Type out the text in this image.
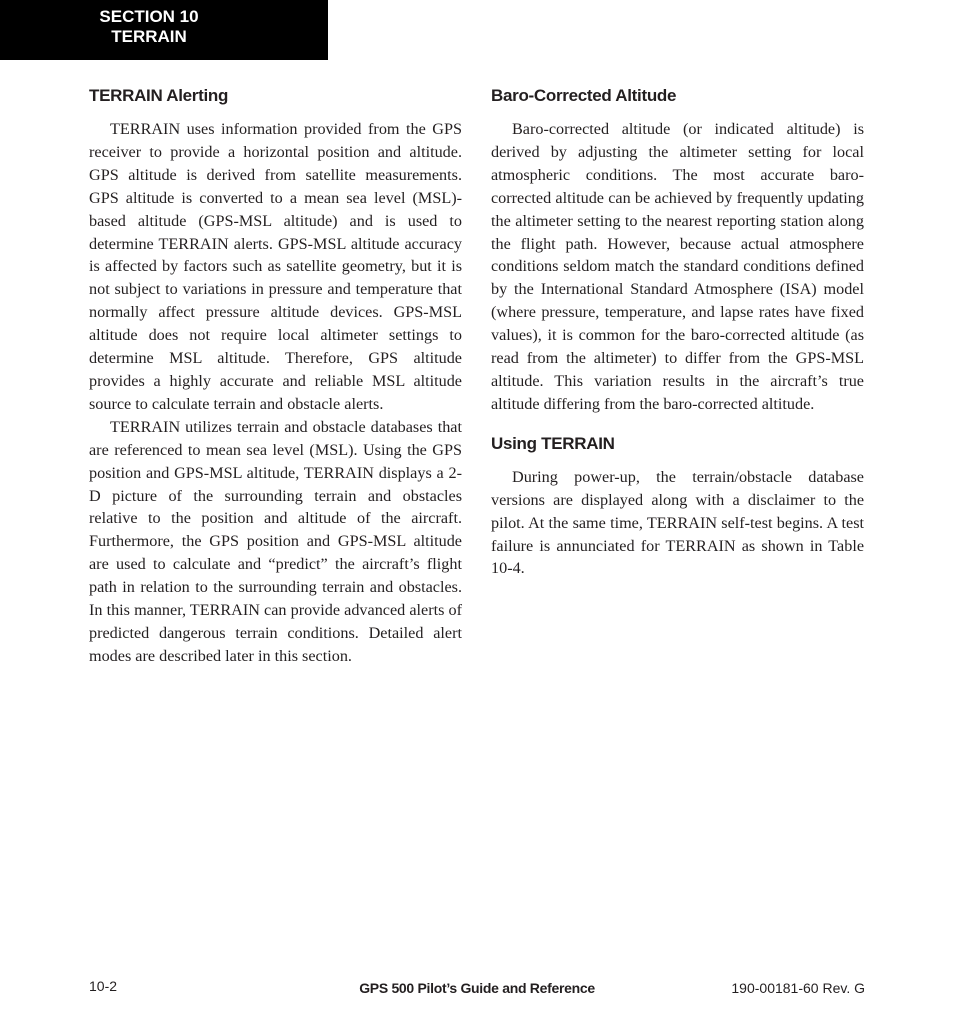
SECTION 10
TERRAIN
TERRAIN Alerting

TERRAIN uses information provided from the GPS receiver to provide a horizontal position and altitude. GPS altitude is derived from satellite measurements. GPS altitude is converted to a mean sea level (MSL)-based altitude (GPS-MSL altitude) and is used to determine TERRAIN alerts. GPS-MSL altitude accuracy is affected by factors such as satellite geometry, but it is not subject to variations in pressure and temperature that normally affect pressure altitude devices. GPS-MSL altitude does not require local altimeter settings to determine MSL altitude. Therefore, GPS altitude provides a highly accurate and reliable MSL altitude source to calculate terrain and obstacle alerts.

TERRAIN utilizes terrain and obstacle databases that are referenced to mean sea level (MSL). Using the GPS position and GPS-MSL altitude, TERRAIN displays a 2-D picture of the surrounding terrain and obstacles relative to the position and altitude of the aircraft. Furthermore, the GPS position and GPS-MSL altitude are used to calculate and “predict” the aircraft’s flight path in relation to the surrounding terrain and obstacles. In this manner, TERRAIN can provide advanced alerts of predicted dangerous terrain conditions. Detailed alert modes are described later in this section.

Baro-Corrected Altitude

Baro-corrected altitude (or indicated altitude) is derived by adjusting the altimeter setting for local atmospheric conditions. The most accurate baro-corrected altitude can be achieved by frequently updating the altimeter setting to the nearest reporting station along the flight path. However, because actual atmosphere conditions seldom match the standard conditions defined by the International Standard Atmosphere (ISA) model (where pressure, temperature, and lapse rates have fixed values), it is common for the baro-corrected altitude (as read from the altimeter) to differ from the GPS-MSL altitude. This variation results in the aircraft’s true altitude differing from the baro-corrected altitude.

Using TERRAIN

During power-up, the terrain/obstacle database versions are displayed along with a disclaimer to the pilot. At the same time, TERRAIN self-test begins. A test failure is annunciated for TERRAIN as shown in Table 10-4.

10-2	GPS 500 Pilot’s Guide and Reference	190-00181-60 Rev. G
